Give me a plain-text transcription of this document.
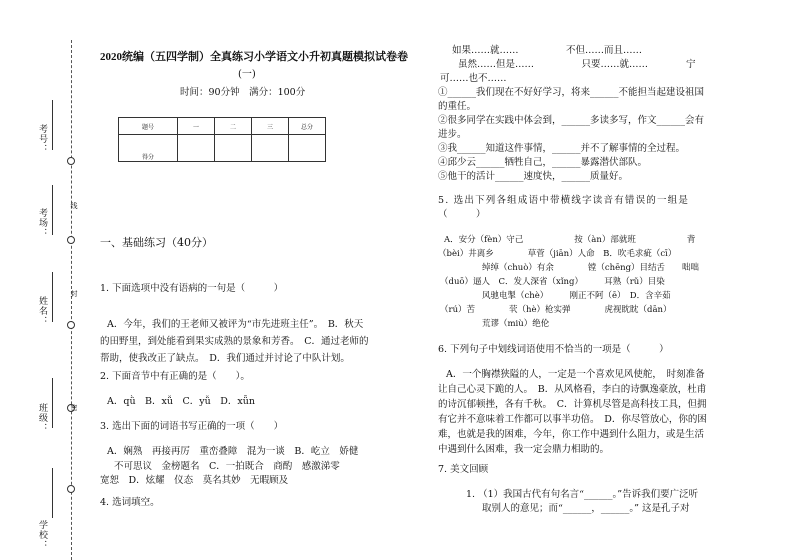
考号：
考场：
姓名：
班级：
学校：
线
封
密
2020统编（五四学制）全真练习小学语文小升初真题模拟试卷卷
(一)
时间：90分钟　满分：100分
题号	一	二	三	总分
得分				
一、基础练习（40分）
1. 下面选项中没有语病的一句是（　　　）
A．今年，我们的王老师又被评为“市先进班主任”。　B．秋天
的田野里，到处能看到果实成熟的景象和芳香。　C．通过老师的
帮助，使我改正了缺点。　D．我们通过并讨论了中队计划。
2. 下面音节中有正确的是（　　）。
A．qǜ　B．xǚ　C．yǚ　D．xǖn
3. 选出下面的词语书写正确的一项（　　）
A．娴熟　再接再厉　重峦叠障　混为一谈　B．屹立　娇健
不可思议　金榜题名　C．一拍既合　商酌　感激涕零
宽恕　D．炫耀　仪态　莫名其妙　无暇顾及
4. 选词填空。
如果……就……　　　　　不但……而且……
虽然……但是……　　　　　只要……就……　　　　宁
可……也不……
①______我们现在不好好学习，将来______不能担当起建设祖国
的重任。
②很多同学在实践中体会到，______多读多写，作文______会有
进步。
③我______知道这件事情，______并不了解事情的全过程。
④邱少云______牺牲自己，______暴露潜伏部队。
⑤他干的活计______速度快，______质量好。
5. 选出下列各组成语中带横线字读音有错误的一组是
（　　　）
A．安分（fèn）守己　　　　　　按（àn）部就班　　　　　　背
（bèi）井离乡　　　　草菅（jiān）人命　B．吹毛求疵（cī）
绰绰（chuò）有余　　　　镗（chēng）目结舌　　咄咄
（duō）逼人　C．发人深省（xǐng）　　　耳熟（rǔ）目染
风驰电掣（chè）　　　刚正不阿（ē）　D．含辛茹
（rú）苦　　　　茕（hè）枪实弹　　　　虎视眈眈（dān）
荒谬（miù）绝伦
6. 下列句子中划线词语使用不恰当的一项是（　　　）
A．一个胸襟狭隘的人，一定是一个喜欢见风使舵，　时刻准备
让自己心灵下跪的人。　B．从风格看，李白的诗飘逸豪放，杜甫
的诗沉郁顿挫，各有千秋。　C．计算机尽管是高科技工具，但拥
有它并不意味着工作都可以事半功倍。　D．你尽管放心，你的困
难，也就是我的困难，今年，你工作中遇到什么阻力，或是生活
中遇到什么困难，我一定会鼎力相助的。
7. 美文回顾
1. （1）我国古代有句名言“______。”告诉我们要广泛听
取别人的意见；而“______，______。” 这是孔子对
